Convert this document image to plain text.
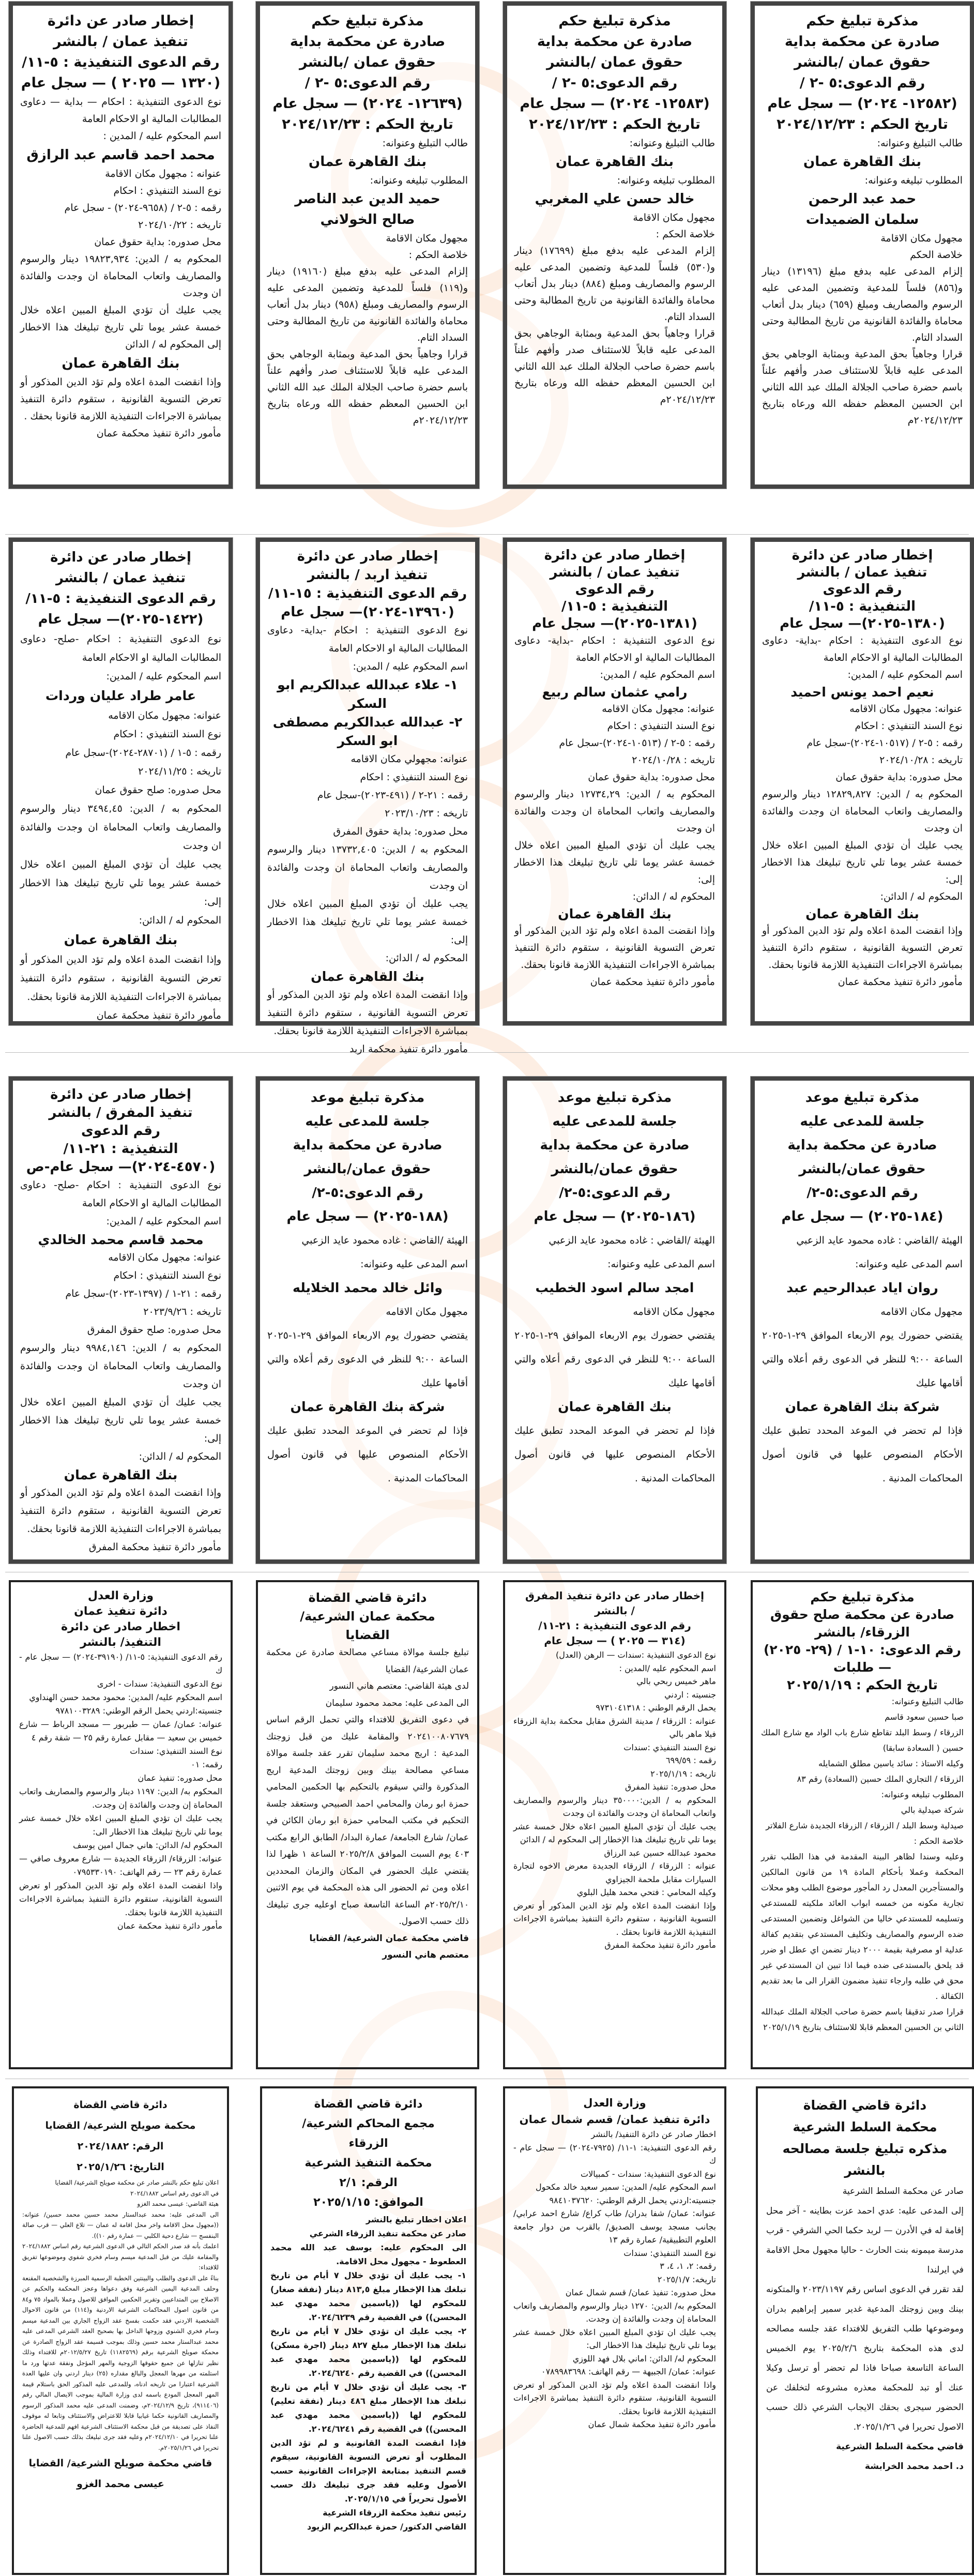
مذكرة تبليغ حكم

صادرة عن محكمة بداية

حقوق عمان /بالنشر

رقم الدعوى:٥ -٢ /

(١٢٥٨٢- ٢٠٢٤) — سجل عام

تاريخ الحكم : ٢٠٢٤/١٢/٢٣

طالب التبليغ وعنوانه:

بنك القاهرة عمان

المطلوب تبليغه وعنوانه:

حمد عبد الرحمن

سلمان الضميدات

مجهول مكان الاقامة

خلاصة الحكم

إلزام المدعى عليه بدفع مبلغ (١٣١٩٦) دينار و(٨٥٦) فلساً للمدعية وتضمين المدعى عليه الرسوم والمصاريف ومبلغ (٦٥٩) دينار بدل أتعاب محاماة والفائدة القانونية من تاريخ المطالبة وحتى السداد التام.

قرارا وجاهياً بحق المدعية وبمثابة الوجاهي بحق المدعى عليه قابلاً للاستئناف صدر وأفهم علناً باسم حضرة صاحب الجلالة الملك عبد الله الثاني ابن الحسين المعظم حفظه الله ورعاه بتاريخ ٢٠٢٤/١٢/٢٣م

مذكرة تبليغ حكم

صادرة عن محكمة بداية

حقوق عمان /بالنشر

رقم الدعوى:٥ -٢ /

(١٢٥٨٣- ٢٠٢٤) — سجل عام

تاريخ الحكم : ٢٠٢٤/١٢/٢٣

طالب التبليغ وعنوانه:

بنك القاهرة عمان

المطلوب تبليغه وعنوانه:

خالد حسن علي المغربي

مجهول مكان الاقامة

خلاصة الحكم :

إلزام المدعى عليه بدفع مبلغ (١٧٦٩٩) دينار و(٥٣٠) فلساً للمدعية وتضمين المدعى عليه الرسوم والمصاريف ومبلغ (٨٨٤) دينار بدل أتعاب محاماة والفائدة القانونية من تاريخ المطالبة وحتى السداد التام.

قرارا وجاهياً بحق المدعية وبمثابة الوجاهي بحق المدعى عليه قابلاً للاستئناف صدر وأفهم علناً باسم حضرة صاحب الجلالة الملك عبد الله الثاني ابن الحسين المعظم حفظه الله ورعاه بتاريخ ٢٠٢٤/١٢/٢٣م

مذكرة تبليغ حكم

صادرة عن محكمة بداية

حقوق عمان /بالنشر

رقم الدعوى:٥ -٢ /

(١٢٦٣٩- ٢٠٢٤) — سجل عام

تاريخ الحكم : ٢٠٢٤/١٢/٢٣

طالب التبليغ وعنوانه:

بنك القاهرة عمان

المطلوب تبليغه وعنوانه:

حميد الدين عبد الناصر

صالح الخولاني

مجهول مكان الاقامة

خلاصة الحكم :

إلزام المدعى عليه بدفع مبلغ (١٩١٦٠) دينار و(١١٩) فلساً للمدعية وتضمين المدعى عليه الرسوم والمصاريف ومبلغ (٩٥٨) دينار بدل أتعاب محاماة والفائدة القانونية من تاريخ المطالبة وحتى السداد التام.

قرارا وجاهياً بحق المدعية وبمثابة الوجاهي بحق المدعى عليه قابلاً للاستئناف صدر وأفهم علناً باسم حضرة صاحب الجلالة الملك عبد الله الثاني ابن الحسين المعظم حفظه الله ورعاه بتاريخ ٢٠٢٤/١٢/٢٣م

إخطار صادر عن دائرة

تنفيذ عمان / بالنشر

رقم الدعوى التنفيذية : ٥-١١/

(١٣٢٠ — ٢٠٢٥ ) — سجل عام

نوع الدعوى التنفيذية : احكام — بداية — دعاوى المطالبات المالية او الاحكام العامة

اسم المحكوم عليه / المدين :

محمد احمد قاسم عبد الرازق

عنوانه : مجهول مكان الاقامة

نوع السند التنفيذي : احكام

رقمه : ٥-٢ / (٩٦٥٨-٢٠٢٤) - سجل عام

تاريخه : ٢٠٢٤/١٠/٢٢

محل صدوره: بداية حقوق عمان

المحكوم به / الدين: ١٩٨٢٣,٩٣٤ دينار والرسوم والمصاريف واتعاب المحاماة ان وجدت والفائدة ان وجدت

يجب عليك أن تؤدي المبلغ المبين اعلاه خلال خمسة عشر يوما تلي تاريخ تبليغك هذا الاخطار إلى المحكوم له / الدائن

بنك القاهرة عمان

وإذا انقضت المدة اعلاه ولم تؤد الدين المذكور أو تعرض التسوية القانونية ، ستقوم دائرة التنفيذ بمباشرة الاجراءات التنفيذية اللازمة قانونا بحقك .

مأمور دائرة تنفيذ محكمة عمان

إخطار صادر عن دائرة

تنفيذ عمان / بالنشر

رقم الدعوى

التنفيذية : ٥-١١/

(١٣٨٠-٢٠٢٥)— سجل عام

نوع الدعوى التنفيذية : احكام -بداية- دعاوى المطالبات المالية او الاحكام العامة

اسم المحكوم عليه / المدين:

نعيم احمد يونس احميد

عنوانه: مجهول مكان الاقامه

نوع السند التنفيذي : احكام

رقمه : ٥-٢ / (١٠٥١٧-٢٠٢٤)-سجل عام

تاريخه : ٢٠٢٤/١٠/٢٨

محل صدوره: بداية حقوق عمان

المحكوم به / الدين: ١٢٨٢٩,٨٢٧ دينار والرسوم والمصاريف واتعاب المحاماة ان وجدت والفائدة ان وجدت

يجب عليك أن تؤدي المبلغ المبين اعلاه خلال خمسة عشر يوما تلي تاريخ تبليغك هذا الاخطار إلى:

المحكوم له / الدائن:

بنك القاهرة عمان

وإذا انقضت المدة اعلاه ولم تؤد الدين المذكور أو تعرض التسوية القانونية ، ستقوم دائرة التنفيذ بمباشرة الاجراءات التنفيذية اللازمة قانونا بحقك.

مأمور دائرة تنفيذ محكمة عمان

إخطار صادر عن دائرة

تنفيذ عمان / بالنشر

رقم الدعوى

التنفيذية : ٥-١١/

(١٣٨١-٢٠٢٥)— سجل عام

نوع الدعوى التنفيذية : احكام -بداية- دعاوى المطالبات المالية او الاحكام العامة

اسم المحكوم عليه / المدين:

رامي عثمان سالم ربيع

عنوانه: مجهول مكان الاقامه

نوع السند التنفيذي : احكام

رقمه : ٥-٢ / (١٠٥١٣-٢٠٢٤)-سجل عام

تاريخه : ٢٠٢٤/١٠/٢٨

محل صدوره: بداية حقوق عمان

المحكوم به / الدين: ١٢٧٣٤,٢٩ دينار والرسوم والمصاريف واتعاب المحاماة ان وجدت والفائدة ان وجدت

يجب عليك أن تؤدي المبلغ المبين اعلاه خلال خمسة عشر يوما تلي تاريخ تبليغك هذا الاخطار إلى:

المحكوم له / الدائن:

بنك القاهرة عمان

وإذا انقضت المدة اعلاه ولم تؤد الدين المذكور أو تعرض التسوية القانونية ، ستقوم دائرة التنفيذ بمباشرة الاجراءات التنفيذية اللازمة قانونا بحقك.

مأمور دائرة تنفيذ محكمة عمان

إخطار صادر عن دائرة

تنفيذ اربد / بالنشر

رقم الدعوى التنفيذية : ١٥-١١/

(١٣٩٦٠-٢٠٢٤)— سجل عام

نوع الدعوى التنفيذية : احكام -بداية- دعاوى المطالبات المالية او الاحكام العامة

اسم المحكوم عليه / المدين:

١- علاء عبدالله عبدالكريم ابو السكر

٢- عبدالله عبدالكريم مصطفى ابو السكر

عنوانه: مجهولي مكان الاقامه

نوع السند التنفيذي : احكام

رقمه : ٢١-٢ / (٤٩١-٢٠٢٣)-سجل عام

تاريخه : ٢٠٢٣/١٠/٢٣

محل صدوره: بداية حقوق المفرق

المحكوم به / الدين: ١٣٧٣٢,٤٠٥ دينار والرسوم والمصاريف واتعاب المحاماة ان وجدت والفائدة ان وجدت

يجب عليك أن تؤدي المبلغ المبين اعلاه خلال خمسة عشر يوما تلي تاريخ تبليغك هذا الاخطار إلى:

المحكوم له / الدائن:

بنك القاهرة عمان

وإذا انقضت المدة اعلاه ولم تؤد الدين المذكور أو تعرض التسوية القانونية ، ستقوم دائرة التنفيذ بمباشرة الاجراءات التنفيذية اللازمة قانونا بحقك.

مأمور دائرة تنفيذ محكمة اربد

إخطار صادر عن دائرة

تنفيذ عمان / بالنشر

رقم الدعوى التنفيذية : ٥-١١/

(١٤٢٢-٢٠٢٥)— سجل عام

نوع الدعوى التنفيذية : احكام -صلح- دعاوى المطالبات المالية او الاحكام العامة

اسم المحكوم عليه / المدين:

عامر طراد عليان وردات

عنوانه: مجهول مكان الاقامه

نوع السند التنفيذي : احكام

رقمه : ٥-١ / (٢٨٧٠١-٢٠٢٤)-سجل عام

تاريخه : ٢٠٢٤/١١/٢٥

محل صدوره: صلح حقوق عمان

المحكوم به / الدين: ٣٤٩٤,٤٥ دينار والرسوم والمصاريف واتعاب المحاماة ان وجدت والفائدة ان وجدت

يجب عليك أن تؤدي المبلغ المبين اعلاه خلال خمسة عشر يوما تلي تاريخ تبليغك هذا الاخطار إلى:

المحكوم له / الدائن:

بنك القاهرة عمان

وإذا انقضت المدة اعلاه ولم تؤد الدين المذكور أو تعرض التسوية القانونية ، ستقوم دائرة التنفيذ بمباشرة الاجراءات التنفيذية اللازمة قانونا بحقك.

مأمور دائرة تنفيذ محكمة عمان

مذكرة تبليغ موعد

جلسة للمدعى عليه

صادرة عن محكمة بداية

حقوق عمان/بالنشر

رقم الدعوى:٥-٢/

(١٨٤-٢٠٢٥) — سجل عام

الهيئة /القاضي : غاده محمود عايد الزعبي

اسم المدعى عليه وعنوانه:

روان اياد عبدالرحيم عبد

مجهول مكان الاقامه

يقتضي حضورك يوم الاربعاء الموافق ٢٩-١-٢٠٢٥ الساعة ٩:٠٠ للنظر في الدعوى رقم أعلاه والتي أقامها عليك

شركة بنك القاهرة عمان

فإذا لم تحضر في الموعد المحدد تطبق عليك الأحكام المنصوص عليها في قانون أصول المحاكمات المدنية .

مذكرة تبليغ موعد

جلسة للمدعى عليه

صادرة عن محكمة بداية

حقوق عمان/بالنشر

رقم الدعوى:٥-٢/

(١٨٦-٢٠٢٥) — سجل عام

الهيئة /القاضي : غاده محمود عايد الزعبي

اسم المدعى عليه وعنوانه:

امجد سالم اسود الخطيب

مجهول مكان الاقامه

يقتضي حضورك يوم الاربعاء الموافق ٢٩-١-٢٠٢٥ الساعة ٩:٠٠ للنظر في الدعوى رقم أعلاه والتي أقامها عليك

بنك القاهرة عمان

فإذا لم تحضر في الموعد المحدد تطبق عليك الأحكام المنصوص عليها في قانون أصول المحاكمات المدنية .

مذكرة تبليغ موعد

جلسة للمدعى عليه

صادرة عن محكمة بداية

حقوق عمان/بالنشر

رقم الدعوى:٥-٢/

(١٨٨-٢٠٢٥) — سجل عام

الهيئة /القاضي : غاده محمود عايد الزعبي

اسم المدعى عليه وعنوانه:

وائل خالد محمد الخلايله

مجهول مكان الاقامه

يقتضي حضورك يوم الاربعاء الموافق ٢٩-١-٢٠٢٥ الساعة ٩:٠٠ للنظر في الدعوى رقم أعلاه والتي أقامها عليك

شركة بنك القاهرة عمان

فإذا لم تحضر في الموعد المحدد تطبق عليك الأحكام المنصوص عليها في قانون أصول المحاكمات المدنية .

إخطار صادر عن دائرة

تنفيذ المفرق / بالنشر

رقم الدعوى

التنفيذية : ٢١-١١/

(٤٥٧٠-٢٠٢٤)— سجل عام-ص

نوع الدعوى التنفيذية : احكام -صلح- دعاوى المطالبات المالية او الاحكام العامة

اسم المحكوم عليه / المدين:

محمد قاسم محمد الخالدي

عنوانه: مجهول مكان الاقامه

نوع السند التنفيذي : احكام

رقمه : ٢١-١ / (١٣٩٧-٢٠٢٣)-سجل عام

تاريخه : ٢٠٢٣/٩/٢٦

محل صدوره: صلح حقوق المفرق

المحكوم به / الدين: ٩٩٨٤,١٤٦ دينار والرسوم والمصاريف واتعاب المحاماة ان وجدت والفائدة ان وجدت

يجب عليك أن تؤدي المبلغ المبين اعلاه خلال خمسة عشر يوما تلي تاريخ تبليغك هذا الاخطار إلى:

المحكوم له / الدائن:

بنك القاهرة عمان

وإذا انقضت المدة اعلاه ولم تؤد الدين المذكور أو تعرض التسوية القانونية ، ستقوم دائرة التنفيذ بمباشرة الاجراءات التنفيذية اللازمة قانونا بحقك.

مأمور دائرة تنفيذ محكمة المفرق

مذكرة تبليغ حكم

صادرة عن محكمة صلح حقوق

الزرقاء/ بالنشر

رقم الدعوى: ١٠-١ / (٢٩- ٢٠٢٥)

— طلبات

تاريخ الحكم : ٢٠٢٥/١/١٩

طالب التبليغ وعنوانه:

صبا حسين سعود قاسم

الزرقاء / وسط البلد تقاطع شارع باب الواد مع شارع الملك حسين ( السعادة سابقا)

وكيله الاستاذ : سائد ياسين مطلق الشمايله

الزرقاء / التجاري الملك حسين (السعادة) رقم ٨٣

المطلوب تبليغه وعنوانه:

شركة صيدلية بالي

صيدلية وسط البلد / الزرقاء / الزرقاء الجديدة شارع الفلاتر

خلاصة الحكم :

وعليه وسندا لظاهر البينة المقدمة في هذا الطلب تقرر المحكمة وعملا بأحكام المادة ١٩ من قانون المالكين والمستأجرين المعدل رد المأجور موضوع الطلب وهو محلات تجارية مكونه من خمسه ابواب العائد ملكيته للمستدعي وتسليمه للمستدعي خاليا من الشواغل وتضمين المستدعى ضده الرسوم والمصاريف وتكليف المستدعي بتقديم كفالة عدلية او مصرفية بقيمة ٢٠٠٠ دينار تضمن اي عطل او ضرر قد يلحق بالمستدعى ضده فيما اذا تبين ان المستدعي غير محق في طلبه وارجاء تنفيذ مضمون القرار الى ما بعد تقديم الكفالة .

قرارا صدر تدقيقا باسم حضرة صاحب الجلالة الملك عبدالله الثاني بن الحسين المعظم قابلا للاستئناف بتاريخ ٢٠٢٥/١/١٩

إخطار صادر عن دائرة تنفيذ المفرق

/ بالنشر

رقم الدعوى التنفيذية : ٢١-١١/

(٣١٤ — ٢٠٢٥ ) — سجل عام

نوع الدعوى التنفيذية :سندات — الرهن (العدل)

اسم المحكوم عليه /المدين :

ماهر خميس ربحي بالي

جنسيته : اردني

يحمل الرقم الوطني : ٩٧٣١٠٤١٣١٨

عنوانه : الزرقاء / مدينة الشرق مقابل محكمة بداية الزرقاء فيلا ماهر بالي

نوع السند التنفيذي :سندات

رقمه : ٦٩٩/٥٩

تاريخه : ٢٠٢٥/١/١٩

محل صدوره: تنفيذ المفرق

المحكوم به / الدين:٣٥٠٠٠٠ دينار والرسوم والمصاريف واتعاب المحاماة ان وجدت والفائدة ان وجدت

يجب عليك أن تؤدي المبلغ المبين اعلاه خلال خمسة عشر يوما تلي تاريخ تبليغك هذا الإخطار إلى المحكوم له / الدائن

محمود عبدالله حسين عبد الرزاق

عنوانه : الزرقاء / الزرقاء الجديدة معرض الاخوه لتجارة السيارات مقابل ملحمة الجيزاوي

وكيله المحامي : فتحي محمد هليل البلوي

وإذا انقضت المدة اعلاه ولم تؤد الدين المذكور أو تعرض التسوية القانونية ، ستقوم دائرة التنفيذ بمباشرة الاجراءات التنفيذية اللازمة قانونا بحقك .

مأمور دائرة تنفيذ محكمة المفرق

دائرة قاضي القضاة

محكمة عمان الشرعية/

القضايا

تبليغ جلسة موالاة مساعي مصالحة صادرة عن محكمة عمان الشرعية/ القضايا

لدى هيئة القاضي: معتصم هاني النسور

الى المدعى عليه: محمد محمود سليمان

في دعوى التفريق للافتداء والتي تحمل الرقم اساس ٢٠٢٤١٠٠٨٠٧٦٧٩ والمقامة عليك من قبل زوجتك المدعية : اريج محمد سليمان تقرر عقد جلسة موالاة مساعي مصالحة بينك وبين زوجتك المدعية اريج المذكورة والتي سيقوم بالتحكيم بها الحكمين المحامي حمزة ابو رمان والمحامي احمد الصبيحي وستعقد جلسة التحكيم في مكتب المحامي حمزة ابو رمان الكائن في عمان/ شارع الجامعة/ عمارة البداد/ الطابق الرابع مكتب ٤٠٣ يوم السبت الموافق ٢٠٢٥/٢/٨ الساعة ١ ظهرا لذا يقتضي عليك الحضور في المكان والزمان المحددين اعلاه ومن ثم الحضور الى هذه المحكمة في يوم الاثنين ٢٠٢٥/٢/١٠م الساعة التاسعة صباح اوعليه جرى تبليغك ذلك حسب الاصول.

قاضي محكمة عمان الشرعية/ القضايا

معتصم هاني النسور

وزارة العدل

دائرة تنفيذ عمان

اخطار صادر عن دائرة

التنفيذ/ بالنشر

رقم الدعوى التنفيذية: ٥-١١/ (٣٩١٩٠-٢٠٢٤) — سجل عام - ك

نوع الدعوى التنفيذية: سندات - اخرى

اسم المحكوم عليه/ المدين: محمود محمد حسن الهنداوي

جنسيته:اردني يحمل الرقم الوطني: ٩٧٨١٠٠٣٢٨٩

عنوانه: عمان/ عمان — طبربور — مسجد الرباط — شارع خميس بن سعيد — مقابل عمارة رقم ٢٥ — شقة رقم ٤

نوع السند التنفيذي: سندات

رقمه: ٠١

محل صدوره: تنفيذ عمان

المحكوم به/ الدين: ١١٩٧ دينار والرسوم والمصاريف واتعاب المحاماة إن وجدت والفائدة إن وجدت.

يجب عليك ان تؤدي المبلغ المبين اعلاه خلال خمسة عشر يوما تلي تاريخ تبليغك هذا الاخطار الى:

المحكوم له/ الدائن: هاني جمال امين يوسف

عنوانه: الزرقاء/ الزرقاء الجديدة — شارع معروف صافي — عمارة رقم ٢٣ — رقم الهاتف: ٠٧٩٥٣٣٠١٩٠

واذا انقضت المدة اعلاه ولم تؤد الدين المذكور او تعرض التسوية القانونية، ستقوم دائرة التنفيذ بمباشرة الاجراءات التنفيذية اللازمة قانونا بحقك.

مأمور دائرة تنفيذ محكمة عمان

دائرة قاضي القضاة

محكمة السلط الشرعية

مذكره تبليغ جلسة مصالحه

بالنشر

صادر عن محكمة السلط الشرعية

إلى المدعى عليه: عدي احمد عزت بطاينه - آخر محل إقامة له في الأدرن — لربد حكما الحي الشرقي - قرب مدرسة ميمونه بنت الحارث - حاليا مجهول محل الاقامة في ايرلندا

لقد تقرر في الدعوى اساس رقم ٢٠٢٣/١١٩٧ والمتكونه بينك وبين زوجتك المدعية غدير سمير إبراهيم بدران وموضوعها طلب التفريق للافتداء عقد جلسه مصالحه لدى هذه المحكمة بتاريخ ٢٠٢٥/٢/٦ يوم الخميس الساعة التاسعة صباحا فاذا لم تحضر أو ترسل وكيلا عنك أو تبد للمحكمة معذره مشروعه لتخلفك عن الحضور سيجرى بحقك الايجاب الشرعي ذلك حسب الاصول تحريرا في ٢٠٢٥/١/٢٦.

قاضي محكمة السلط الشرعية

د. احمد محمد الخرابشة

وزارة العدل

دائرة تنفيذ عمان/ قسم شمال عمان

اخطار صادر عن دائرة التنفيذ/ بالنشر

رقم الدعوى التنفيذية: ١-١١/ (٧٩٢٥-٢٠٢٤) — سجل عام - ك

نوع الدعوى التنفيذية: سندات - كمبيالات

اسم المحكوم عليه/ المدين: سمير سعيد خالد مكحول

جنسيته:اردني يحمل الرقم الوطني: ٩٨٤١٠٣٧٦٢٠

عنوانه: عمان/ شفا بدران/ طاب كراع/ شارع احمد عرابي/ بجانب مسجد يوسف الصديق/ بالقرب من دوار جامعة العلوم التطبيقية/ عمارة رقم ١٣

نوع السند التنفيذي: سندات

رقمه: ٢، ١، ٤، ٣

تاريخه: ٢٠٢٥/١/٧

محل صدوره: تنفيذ عمان/ قسم شمال عمان

المحكوم به/ الدين: ١٢٧٠ دينار والرسوم والمصاريف واتعاب المحاماة إن وجدت والفائدة إن وجدت.

يجب عليك ان تؤدي المبلغ المبين اعلاه خلال خمسة عشر يوما تلي تاريخ تبليغك هذا الاخطار الى:

المحكوم له/ الدائن: اماني بلال فهد اللوزي

عنوانه: عمان/ الجبيهة — رقم الهاتف: ٠٧٨٩٩٨٣٦٩٨

واذا انقضت المدة اعلاه ولم تؤد الدين المذكور او تعرض التسوية القانونية، ستقوم دائرة التنفيذ بمباشرة الاجراءات التنفيذية اللازمة قانونا بحقك.

مأمور دائرة تنفيذ محكمة شمال عمان

دائرة قاضي القضاة

مجمع المحاكم الشرعية/

الزرقاء

محكمة التنفيذ الشرعية

الرقم: ٢/١

الموافق: ٢٠٢٥/١/١٥

اعلان اخطار تبليغ بالنشر

صادر عن محكمة تنفيذ الزرقاء الشرعي

الى المحكوم عليه: يوسف عبد الله محمد العطعوط - مجهول محل الاقامة.

١- يجب عليك أن تؤدي خلال ٧ أيام من تاريخ تبلغك هذا الإخطار مبلغ ٨١٣,٥ دينار (نفقة صغار) للمحكوم لها ((ياسمين محمد مهدي عبد المحسن)) في القضية رقم ٢٠٢٤/٦٢٣٩.

٢- يجب عليك ان تؤدي خلال ٧ أيام من تاريخ تبلغك هذا الإخطار مبلغ ٨٢٧ دينار (اجرة مسكن) للمحكوم لها ((ياسمين محمد مهدي عبد المحسن)) في القضية رقم ٢٠٢٤/٦٢٤٠.

٣- يجب عليك أن تؤدي خلال ٧ أيام من تاريخ تبلغك هذا الإخطار مبلغ ٤٨٦ دينار (نفقة تعليم) للمحكوم لها ((ياسمين محمد مهدي عبد المحسن)) في القضية رقم ٢٠٢٤/٦٢٤١.

فإذا انقضت المدة القانونية و لم تؤد الدين المطلوب أو تعرض التسوية القانونية، سيقوم قسم التنفيذ بمتابعة الإجراءات القانونية حسب الأصول وعليه فقد جرى تبليغك ذلك حسب الأصول تحريراً في ٢٠٢٥/١/١٥.

رئيس تنفيذ محكمة الزرقاء الشرعية

القاضي الدكتور/ حمزة عبدالكريم الزيود

دائرة قاضي القضاة

محكمة صويلح الشرعية/ القضايا

الرقم: ٢٠٢٤/١٨٨٢

التاريخ: ٢٠٢٥/١/٢٦

اعلان تبليغ حكم بالنشر صادر عن محكمة صويلح الشرعية/ القضايا

في الدعوى رقم اساس ٢٠٢٤/١٨٨٢

هيئة القاضي: عيسى محمد الغزو

الى المدعى عليه: محمد عبدالستار محمد حسين محمد حسين/ عنوانه: ((مجهول محل الاقامة واخر محل اقامة له عمان — تلاع العلي — قرب صالة البنفسج — شارع دحية الكلبي — عمارة رقم ١٠)).

اعلمك بأنه قد صدر الحكم التالي في الدعوى الشرعية رقم اساس ٢٠٢٤/١٨٨٢ والمقامة عليك من قبل المدعية ميسم وسام فخري شفوي وموضوعها تفريق للافتداء:

بناءً على الدعوى والطلب والبينتين الخطبة الرسمية المبرزة والشخصية المقنعة وحلف المدعية اليمين الشرعية وفق دعواها وعجز المحكمة والحكيم عن الاصلاح بين المتداعيين وتقرير الحكمين الموافق للاصول وعملا بالمواد ٧٥ و٨٤ من قانون اصول المحاكمات الشرعية الاردنية و(١١٤) من قانون الاحوال الشخصية الاردني فقد حكمت بفسخ عقد الزواج الجاري بين المدعية ميسم وسام فخري الشنوي وزوجها الداخل بها بصحيح العقد الشرعي المدعى عليه محمد عبدالستار محمد حسين وذلك بموجب قسيمة عقد الزواج الصادرة عن محمكة صويلح الشرعية برقم (١١٨٢٥٦٩) تاريخ ٢٠١٢/٥/٢٧م للافتداء وذلك نظير تنازلها عن جميع حقوقها الزوجية والمهر المؤجل ونفقة عدتها ورد ما استلمته من مهرها المعجل والبالغ مقداره (٢٥) دينار اردني وان عليها العدة الشرعية اعتبارا من تاريخه ادناه، وللمدعى عليه المذكور الحق باستلام قيمة المهر المعجل المودع باسمه لدى وزارة المالية بموجب الايصال المالي رقم (٩١١٤٠٦)، تاريخ ٢٠٢٤/١٢/٩م، وضمنت المدعى عليه محمد المذكور الرسوم والمصاريف القانونية حكما غيابيا قابلا للاعتراض والاستئناف وتابعا له موقوف النفاذ على تصديقة من قبل محكمة الاستئناف الشرعية افهم للمدعية الحاضرة علنا تحريرا في ٢٠٢٤/١٢/١٠م وعليه فقد جرى تبليغك بذلك حسب الاصول علنا تحريرا في ٢٠٢٥/١/٢٦م.

قاضي محكمة صويلح الشرعية/ القضايا

عيسى محمد الغزو
